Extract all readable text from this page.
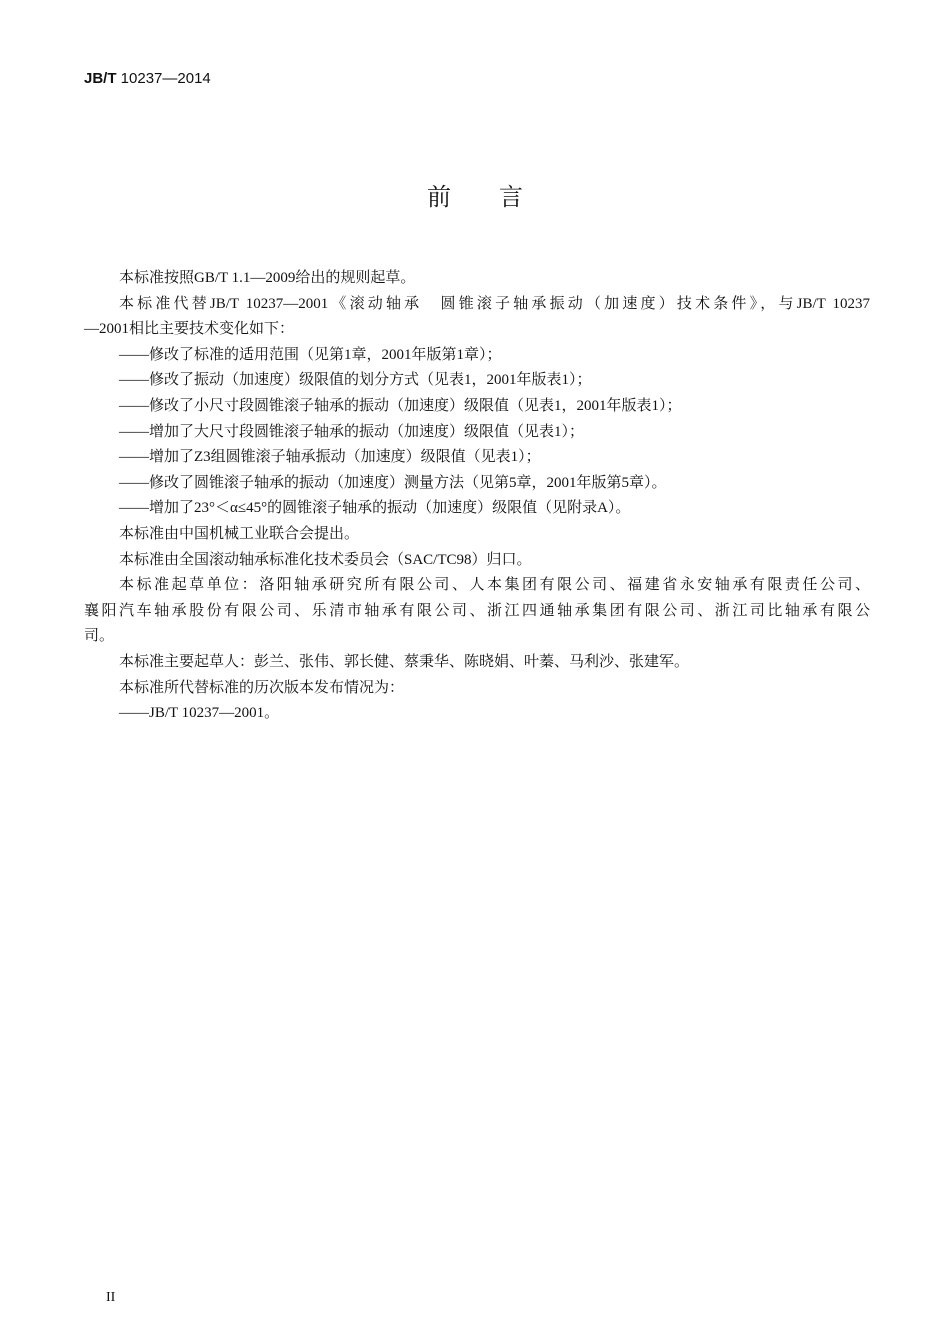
JB/T 10237—2014
前　　言
本标准按照GB/T 1.1—2009给出的规则起草。
本标准代替JB/T 10237—2001《滚动轴承　圆锥滚子轴承振动（加速度）技术条件》，与JB/T 10237
—2001相比主要技术变化如下：
——修改了标准的适用范围（见第1章，2001年版第1章）；
——修改了振动（加速度）级限值的划分方式（见表1，2001年版表1）；
——修改了小尺寸段圆锥滚子轴承的振动（加速度）级限值（见表1，2001年版表1）；
——增加了大尺寸段圆锥滚子轴承的振动（加速度）级限值（见表1）；
——增加了Z3组圆锥滚子轴承振动（加速度）级限值（见表1）；
——修改了圆锥滚子轴承的振动（加速度）测量方法（见第5章，2001年版第5章）。
——增加了23°＜α≤45°的圆锥滚子轴承的振动（加速度）级限值（见附录A）。
本标准由中国机械工业联合会提出。
本标准由全国滚动轴承标准化技术委员会（SAC/TC98）归口。
本标准起草单位：洛阳轴承研究所有限公司、人本集团有限公司、福建省永安轴承有限责任公司、
襄阳汽车轴承股份有限公司、乐清市轴承有限公司、浙江四通轴承集团有限公司、浙江司比轴承有限公
司。
本标准主要起草人：彭兰、张伟、郭长健、蔡秉华、陈晓娟、叶蓁、马利沙、张建军。
本标准所代替标准的历次版本发布情况为：
——JB/T 10237—2001。
II
